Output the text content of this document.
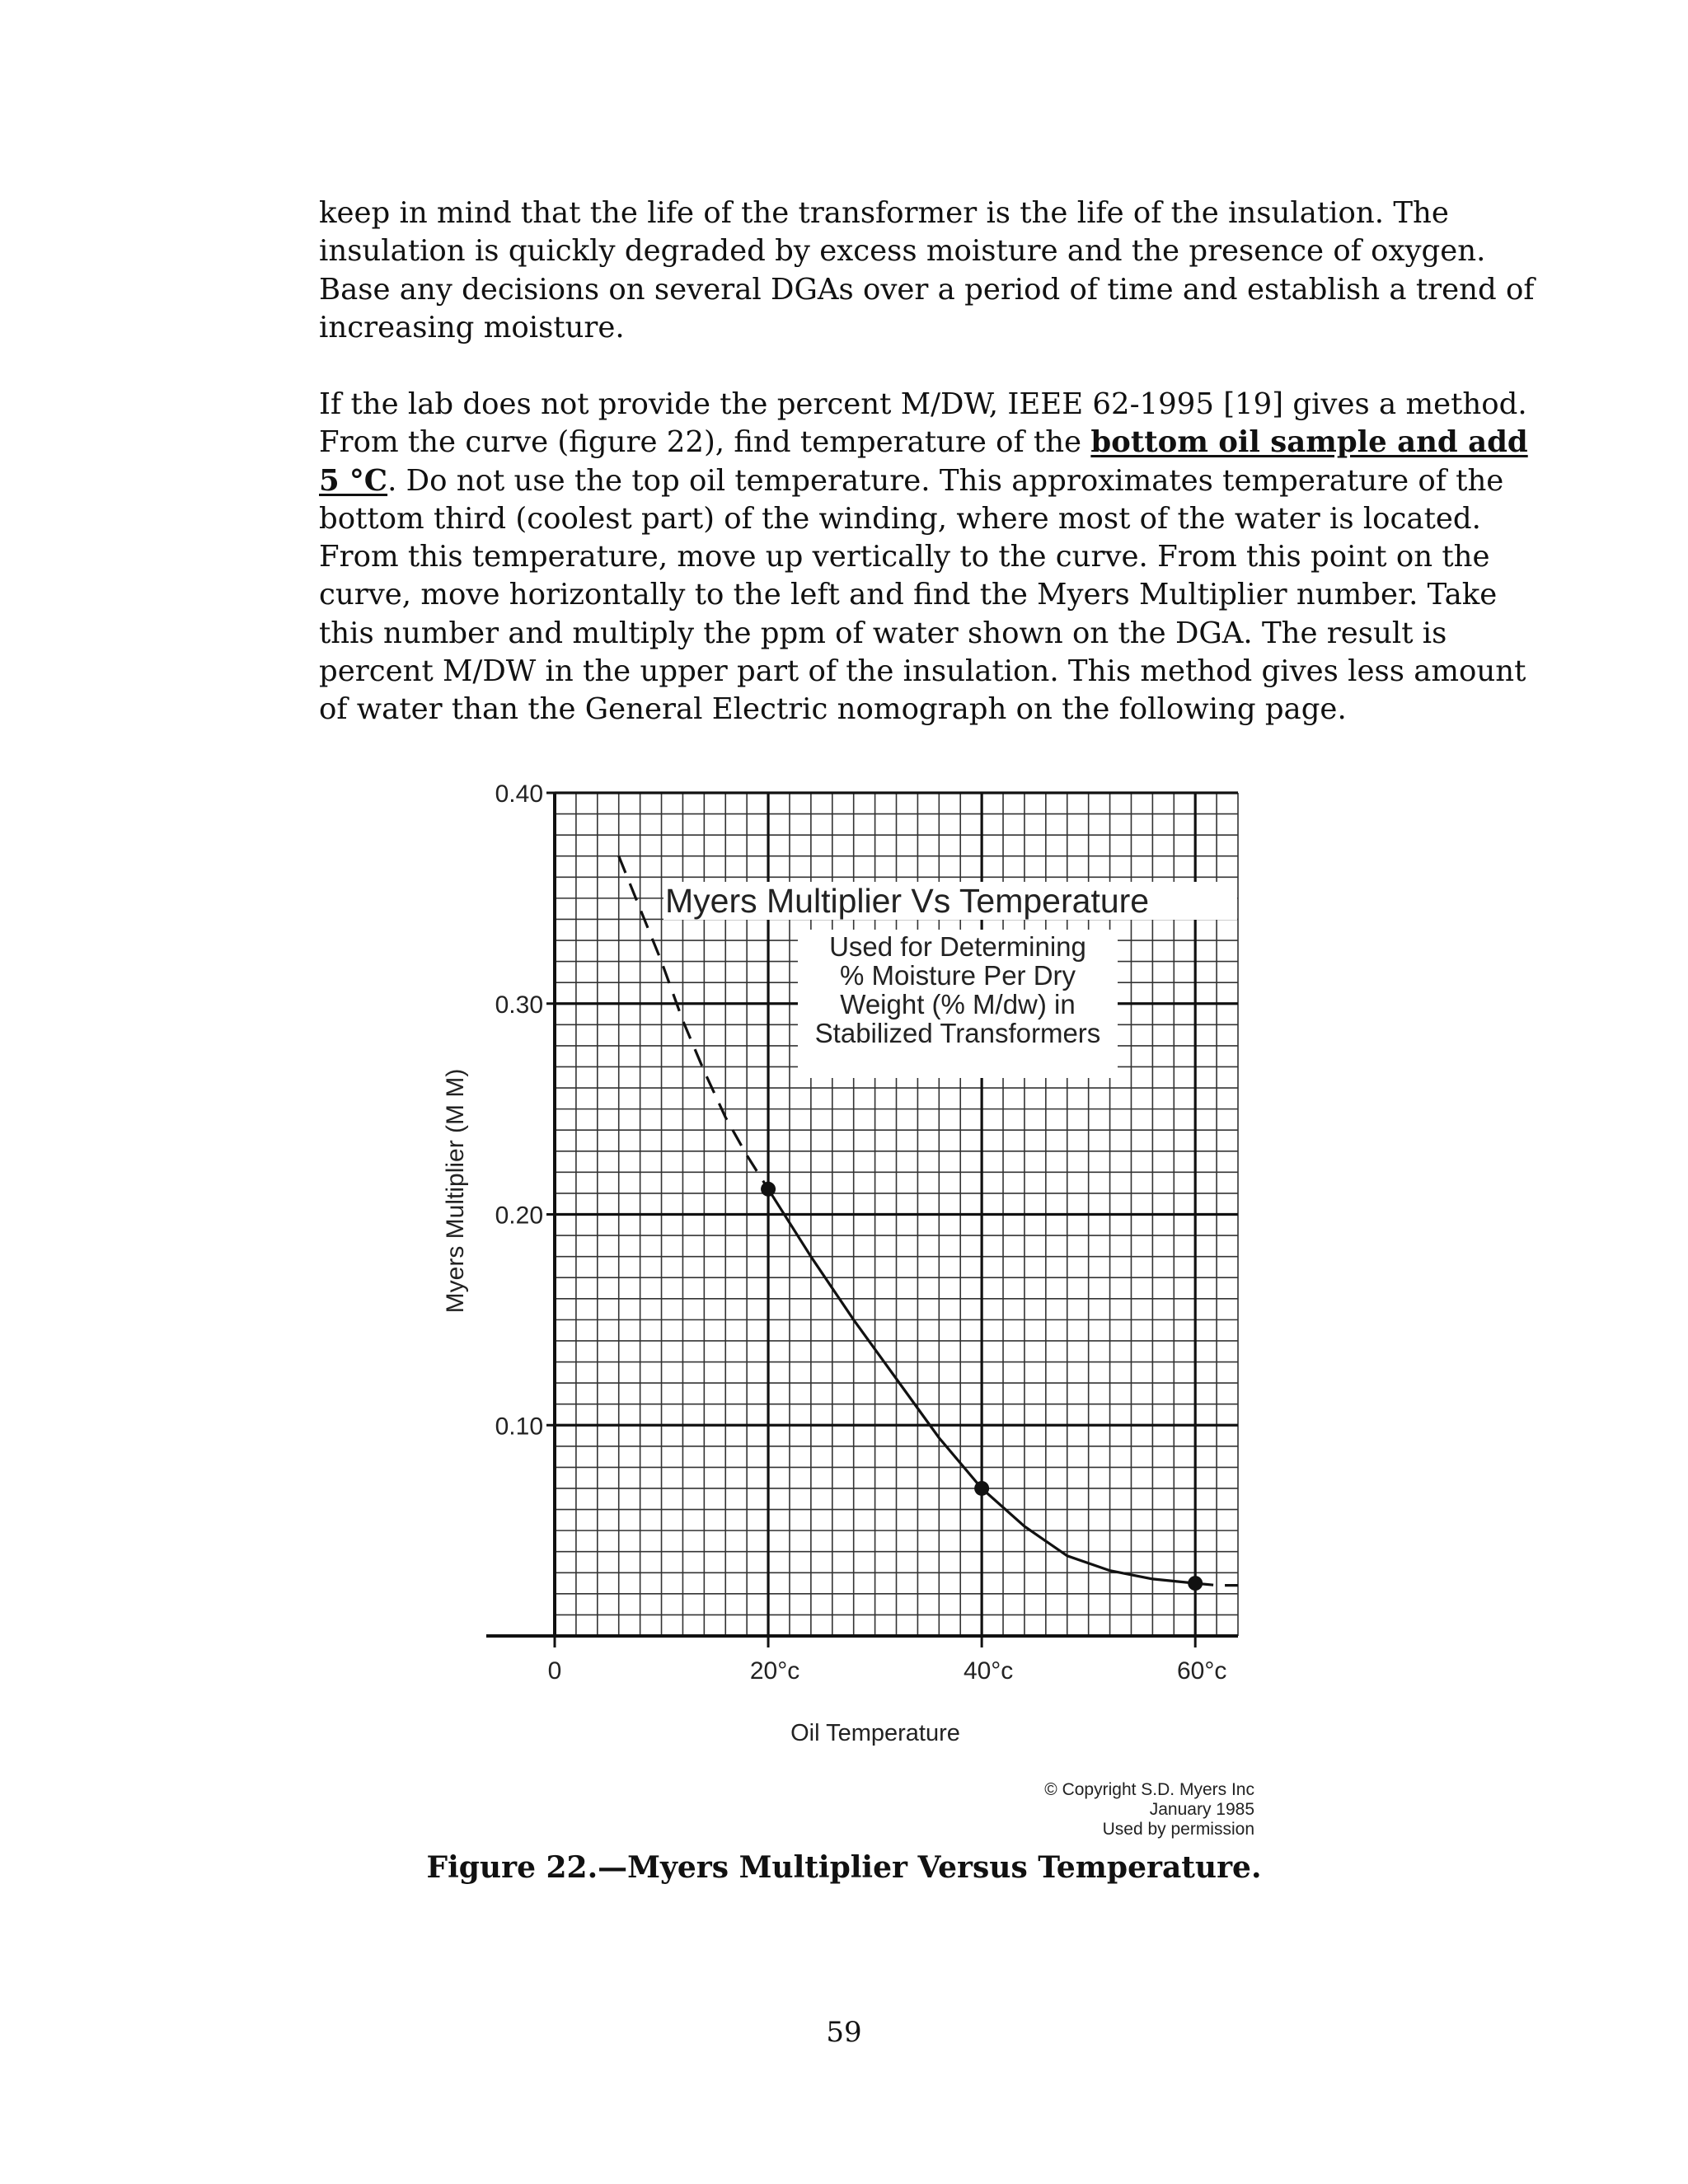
keep in mind that the life of the transformer is the life of the insulation. The
insulation is quickly degraded by excess moisture and the presence of oxygen.
Base any decisions on several DGAs over a period of time and establish a trend of
increasing moisture.
If the lab does not provide the percent M/DW, IEEE 62-1995 [19] gives a method.
From the curve (figure 22), find temperature of the bottom oil sample and add
5 °C. Do not use the top oil temperature. This approximates temperature of the
bottom third (coolest part) of the winding, where most of the water is located.
From this temperature, move up vertically to the curve. From this point on the
curve, move horizontally to the left and find the Myers Multiplier number. Take
this number and multiply the ppm of water shown on the DGA. The result is
percent M/DW in the upper part of the insulation. This method gives less amount
of water than the General Electric nomograph on the following page.
0.40
0.30
0.20
0.10
0	20°c	40°c	60°c
Myers Multiplier Vs Temperature
Used for Determining
% Moisture Per Dry
Weight (% M/dw) in
Stabilized Transformers
Myers Multiplier (M M)
Oil Temperature
© Copyright S.D. Myers Inc
January 1985
Used by permission
Figure 22.—Myers Multiplier Versus Temperature.
59
